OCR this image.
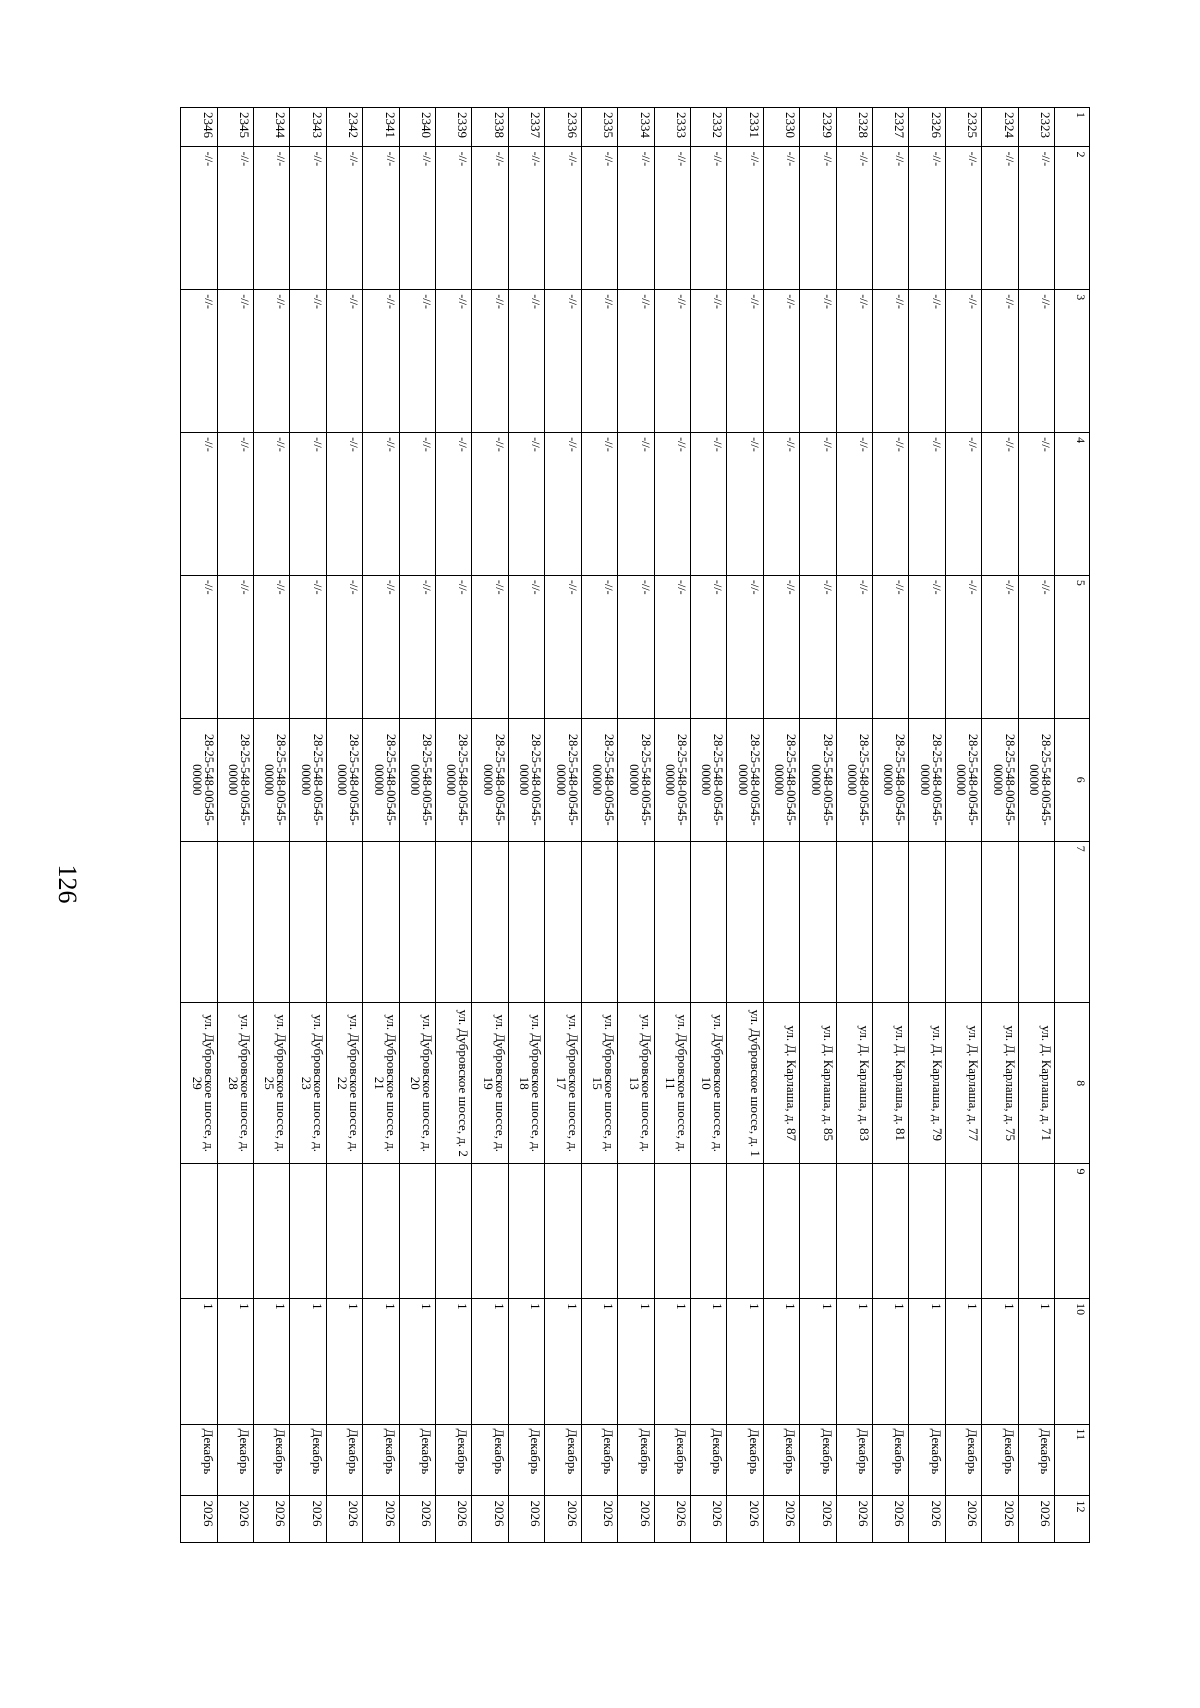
126
1	2	3	4	5	6	7	8	9	10	11	12
2323	-//-	-//-	-//-	-//-	28-25-548-00545-00000		ул. Д. Карлаша, д. 71		1	Декабрь	2026
2324	-//-	-//-	-//-	-//-	28-25-548-00545-00000		ул. Д. Карлаша, д. 75		1	Декабрь	2026
2325	-//-	-//-	-//-	-//-	28-25-548-00545-00000		ул. Д. Карлаша, д. 77		1	Декабрь	2026
2326	-//-	-//-	-//-	-//-	28-25-548-00545-00000		ул. Д. Карлаша, д. 79		1	Декабрь	2026
2327	-//-	-//-	-//-	-//-	28-25-548-00545-00000		ул. Д. Карлаша, д. 81		1	Декабрь	2026
2328	-//-	-//-	-//-	-//-	28-25-548-00545-00000		ул. Д. Карлаша, д. 83		1	Декабрь	2026
2329	-//-	-//-	-//-	-//-	28-25-548-00545-00000		ул. Д. Карлаша, д. 85		1	Декабрь	2026
2330	-//-	-//-	-//-	-//-	28-25-548-00545-00000		ул. Д. Карлаша, д. 87		1	Декабрь	2026
2331	-//-	-//-	-//-	-//-	28-25-548-00545-00000		ул. Дубровское шоссе, д. 1		1	Декабрь	2026
2332	-//-	-//-	-//-	-//-	28-25-548-00545-00000		ул. Дубровское шоссе, д. 10		1	Декабрь	2026
2333	-//-	-//-	-//-	-//-	28-25-548-00545-00000		ул. Дубровское шоссе, д. 11		1	Декабрь	2026
2334	-//-	-//-	-//-	-//-	28-25-548-00545-00000		ул. Дубровское шоссе, д. 13		1	Декабрь	2026
2335	-//-	-//-	-//-	-//-	28-25-548-00545-00000		ул. Дубровское шоссе, д. 15		1	Декабрь	2026
2336	-//-	-//-	-//-	-//-	28-25-548-00545-00000		ул. Дубровское шоссе, д. 17		1	Декабрь	2026
2337	-//-	-//-	-//-	-//-	28-25-548-00545-00000		ул. Дубровское шоссе, д. 18		1	Декабрь	2026
2338	-//-	-//-	-//-	-//-	28-25-548-00545-00000		ул. Дубровское шоссе, д. 19		1	Декабрь	2026
2339	-//-	-//-	-//-	-//-	28-25-548-00545-00000		ул. Дубровское шоссе, д. 2		1	Декабрь	2026
2340	-//-	-//-	-//-	-//-	28-25-548-00545-00000		ул. Дубровское шоссе, д. 20		1	Декабрь	2026
2341	-//-	-//-	-//-	-//-	28-25-548-00545-00000		ул. Дубровское шоссе, д. 21		1	Декабрь	2026
2342	-//-	-//-	-//-	-//-	28-25-548-00545-00000		ул. Дубровское шоссе, д. 22		1	Декабрь	2026
2343	-//-	-//-	-//-	-//-	28-25-548-00545-00000		ул. Дубровское шоссе, д. 23		1	Декабрь	2026
2344	-//-	-//-	-//-	-//-	28-25-548-00545-00000		ул. Дубровское шоссе, д. 25		1	Декабрь	2026
2345	-//-	-//-	-//-	-//-	28-25-548-00545-00000		ул. Дубровское шоссе, д. 28		1	Декабрь	2026
2346	-//-	-//-	-//-	-//-	28-25-548-00545-00000		ул. Дубровское шоссе, д. 29		1	Декабрь	2026
